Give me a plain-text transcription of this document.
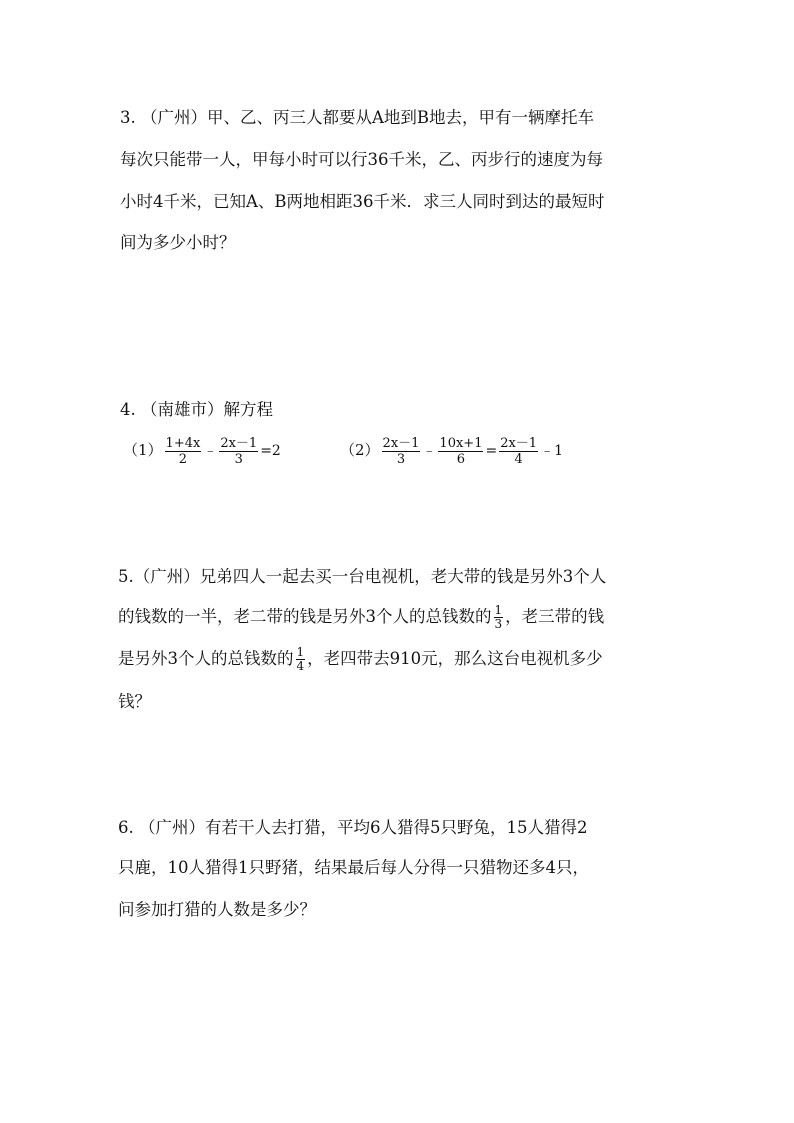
3. （广州）甲、乙、丙三人都要从A地到B地去，甲有一辆摩托车
每次只能带一人，甲每小时可以行36千米，乙、丙步行的速度为每
小时4千米，已知A、B两地相距36千米．求三人同时到达的最短时
间为多少小时？
4. （南雄市）解方程
$(1) \frac{1+4x}{2}$ ﹣ $\frac{2x-1}{3} =2$	$(2) \frac{2x-1}{3}$ ﹣ $\frac{10x+1}{6} = \frac{2x-1}{4}$ ﹣1
5.（广州）兄弟四人一起去买一台电视机，老大带的钱是另外3个人
的钱数的一半，老二带的钱是另外3个人的总钱数的 $\frac{1}{3}$ ，老三带的钱
是另外3个人的总钱数的 $\frac{1}{4}$ ，老四带去910元，那么这台电视机多少
钱？
6. （广州）有若干人去打猎，平均6人猎得5只野兔，15人猎得2
只鹿，10人猎得1只野猪，结果最后每人分得一只猎物还多4只，
问参加打猎的人数是多少？
